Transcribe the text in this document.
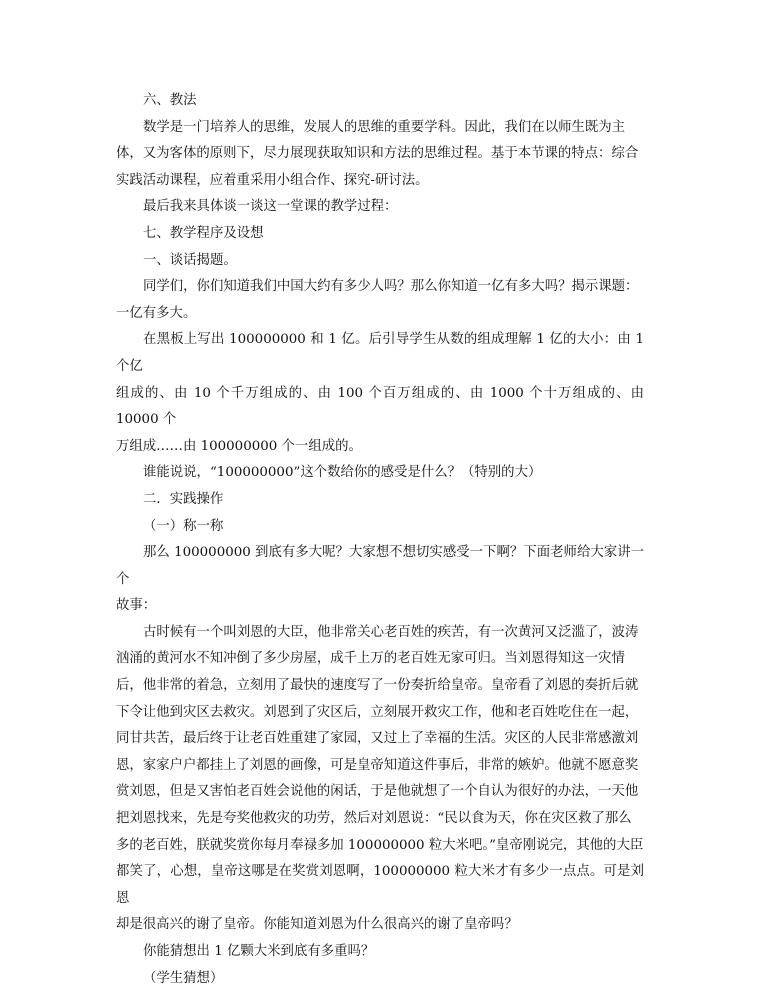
六、教法
数学是一门培养人的思维，发展人的思维的重要学科。因此，我们在以师生既为主
体，又为客体的原则下，尽力展现获取知识和方法的思维过程。基于本节课的特点：综合
实践活动课程，应着重采用小组合作、探究-研讨法。
最后我来具体谈一谈这一堂课的教学过程：
七、教学程序及设想
一、谈话揭题。
同学们，你们知道我们中国大约有多少人吗？那么你知道一亿有多大吗？揭示课题：
一亿有多大。
在黑板上写出 100000000 和 1 亿。后引导学生从数的组成理解 1 亿的大小：由 1 个亿
组成的、由 10 个千万组成的、由 100 个百万组成的、由 1000 个十万组成的、由 10000 个
万组成……由 100000000 个一组成的。
谁能说说，“100000000”这个数给你的感受是什么？（特别的大）
二．实践操作
（一）称一称
那么 100000000 到底有多大呢？大家想不想切实感受一下啊？下面老师给大家讲一个
故事：
古时候有一个叫刘恩的大臣，他非常关心老百姓的疾苦，有一次黄河又泛滥了，波涛
汹涌的黄河水不知冲倒了多少房屋，成千上万的老百姓无家可归。当刘恩得知这一灾情
后，他非常的着急，立刻用了最快的速度写了一份奏折给皇帝。皇帝看了刘恩的奏折后就
下令让他到灾区去救灾。刘恩到了灾区后，立刻展开救灾工作，他和老百姓吃住在一起，
同甘共苦，最后终于让老百姓重建了家园，又过上了幸福的生活。灾区的人民非常感激刘
恩，家家户户都挂上了刘恩的画像，可是皇帝知道这件事后，非常的嫉妒。他就不愿意奖
赏刘恩，但是又害怕老百姓会说他的闲话，于是他就想了一个自认为很好的办法，一天他
把刘恩找来，先是夸奖他救灾的功劳，然后对刘恩说：“民以食为天，你在灾区救了那么
多的老百姓，朕就奖赏你每月奉禄多加 100000000 粒大米吧。”皇帝刚说完，其他的大臣
都笑了，心想，皇帝这哪是在奖赏刘恩啊，100000000 粒大米才有多少一点点。可是刘恩
却是很高兴的谢了皇帝。你能知道刘恩为什么很高兴的谢了皇帝吗？
你能猜想出 1 亿颗大米到底有多重吗？
（学生猜想）
